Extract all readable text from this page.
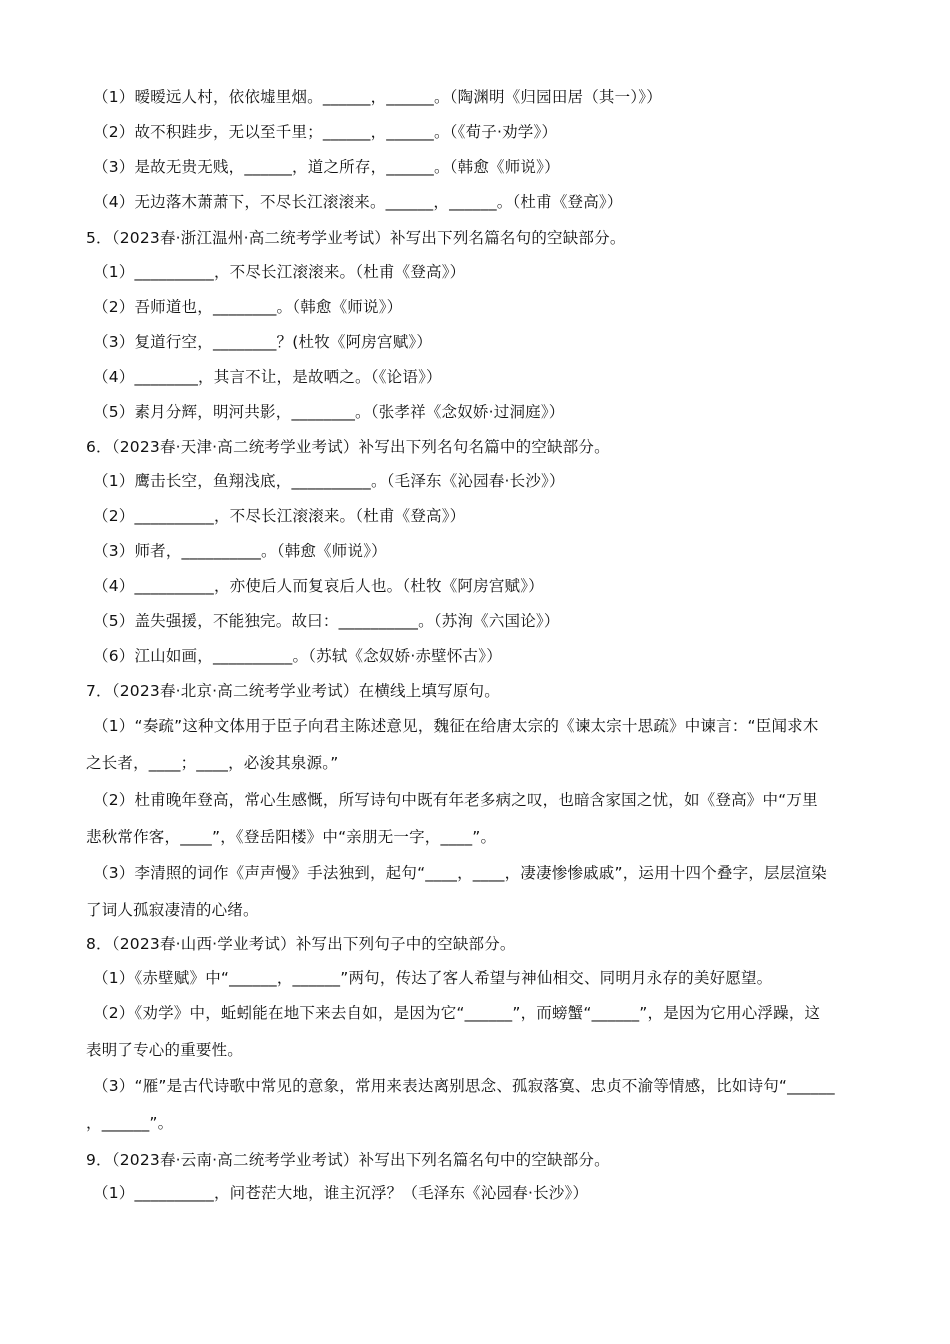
（1）暧暧远人村，依依墟里烟。______，______。（陶渊明《归园田居（其一）》）
（2）故不积跬步，无以至千里；______，______。（《荀子·劝学》）
（3）是故无贵无贱，______，道之所存，______。（韩愈《师说》）
（4）无边落木萧萧下，不尽长江滚滚来。______，______。（杜甫《登高》）
5．（2023春·浙江温州·高二统考学业考试）补写出下列名篇名句的空缺部分。
（1）__________，不尽长江滚滚来。（杜甫《登高》）
（2）吾师道也，________。（韩愈《师说》）
（3）复道行空，________？(杜牧《阿房宫赋》）
（4）________，其言不让，是故哂之。（《论语》）
（5）素月分辉，明河共影，________。（张孝祥《念奴娇·过洞庭》）
6．（2023春·天津·高二统考学业考试）补写出下列名句名篇中的空缺部分。
（1）鹰击长空，鱼翔浅底，__________。（毛泽东《沁园春·长沙》）
（2）__________，不尽长江滚滚来。（杜甫《登高》）
（3）师者，__________。（韩愈《师说》）
（4）__________，亦使后人而复哀后人也。（杜牧《阿房宫赋》）
（5）盖失强援，不能独完。故曰：__________。（苏洵《六国论》）
（6）江山如画，__________。（苏轼《念奴娇·赤壁怀古》）
7．（2023春·北京·高二统考学业考试）在横线上填写原句。
（1）“奏疏”这种文体用于臣子向君主陈述意见，魏征在给唐太宗的《谏太宗十思疏》中谏言：“臣闻求木
之长者，____；____，必浚其泉源。”
（2）杜甫晚年登高，常心生感慨，所写诗句中既有年老多病之叹，也暗含家国之忧，如《登高》中“万里
悲秋常作客，____”，《登岳阳楼》中“亲朋无一字，____”。
（3）李清照的词作《声声慢》手法独到，起句“____，____，凄凄惨惨戚戚”，运用十四个叠字，层层渲染
了词人孤寂凄清的心绪。
8．（2023春·山西·学业考试）补写出下列句子中的空缺部分。
（1）《赤壁赋》中“______，______”两句，传达了客人希望与神仙相交、同明月永存的美好愿望。
（2）《劝学》中，蚯蚓能在地下来去自如，是因为它“______”，而螃蟹“______”，是因为它用心浮躁，这
表明了专心的重要性。
（3）“雁”是古代诗歌中常见的意象，常用来表达离别思念、孤寂落寞、忠贞不渝等情感，比如诗句“______
，______”。
9．（2023春·云南·高二统考学业考试）补写出下列名篇名句中的空缺部分。
（1）__________，问苍茫大地，谁主沉浮？（毛泽东《沁园春·长沙》）
